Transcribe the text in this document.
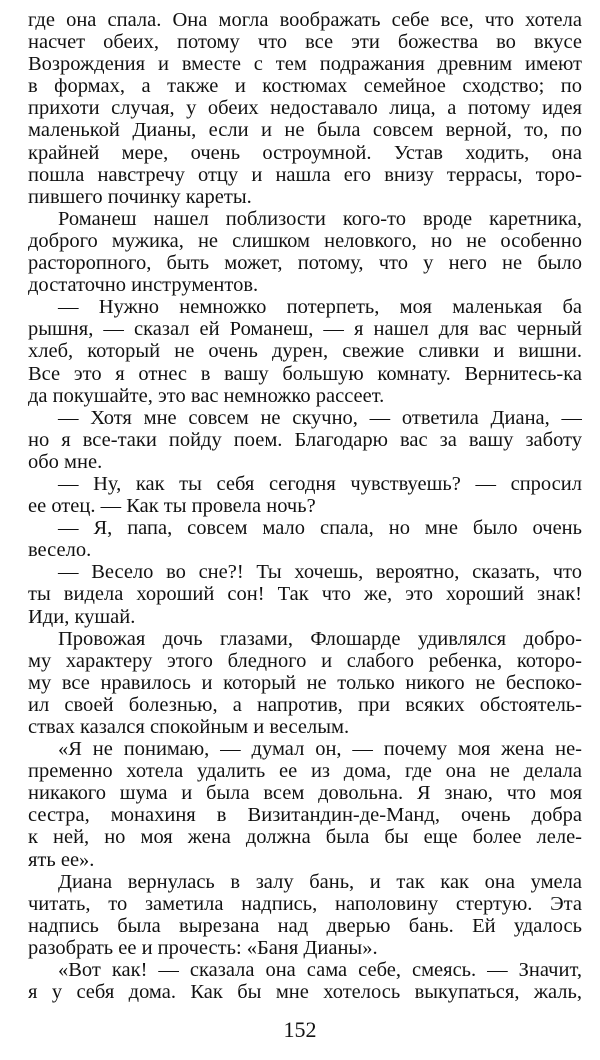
где она спала. Она могла воображать себе все, что хотела
насчет обеих, потому что все эти божества во вкусе
Возрождения и вместе с тем подражания древним имеют
в формах, а также и костюмах семейное сходство; по
прихоти случая, у обеих недоставало лица, а потому идея
маленькой Дианы, если и не была совсем верной, то, по
крайней мере, очень остроумной. Устав ходить, она
пошла навстречу отцу и нашла его внизу террасы, торо-
пившего починку кареты.
Романеш нашел поблизости кого-то вроде каретника,
доброго мужика, не слишком неловкого, но не особенно
расторопного, быть может, потому, что у него не было
достаточно инструментов.
— Нужно немножко потерпеть, моя маленькая ба
рышня, — сказал ей Романеш, — я нашел для вас черный
хлеб, который не очень дурен, свежие сливки и вишни.
Все это я отнес в вашу большую комнату. Вернитесь-ка
да покушайте, это вас немножко рассеет.
— Хотя мне совсем не скучно, — ответила Диана, —
но я все-таки пойду поем. Благодарю вас за вашу заботу
обо мне.
— Ну, как ты себя сегодня чувствуешь? — спросил
ее отец. — Как ты провела ночь?
— Я, папа, совсем мало спала, но мне было очень
весело.
— Весело во сне?! Ты хочешь, вероятно, сказать, что
ты видела хороший сон! Так что же, это хороший знак!
Иди, кушай.
Провожая дочь глазами, Флошарде удивлялся добро-
му характеру этого бледного и слабого ребенка, которо-
му все нравилось и который не только никого не беспоко-
ил своей болезнью, а напротив, при всяких обстоятель-
ствах казался спокойным и веселым.
«Я не понимаю, — думал он, — почему моя жена не-
пременно хотела удалить ее из дома, где она не делала
никакого шума и была всем довольна. Я знаю, что моя
сестра, монахиня в Визитандин-де-Манд, очень добра
к ней, но моя жена должна была бы еще более леле-
ять ее».
Диана вернулась в залу бань, и так как она умела
читать, то заметила надпись, наполовину стертую. Эта
надпись была вырезана над дверью бань. Ей удалось
разобрать ее и прочесть: «Баня Дианы».
«Вот как! — сказала она сама себе, смеясь. — Значит,
я у себя дома. Как бы мне хотелось выкупаться, жаль,
152
